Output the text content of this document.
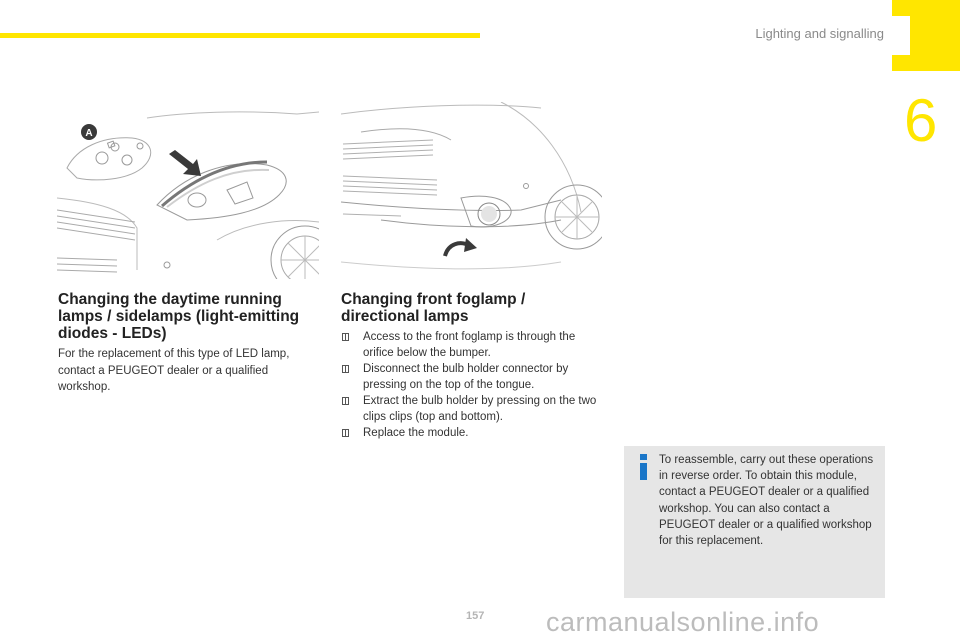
Lighting and signalling
6
A
Changing the daytime running lamps / sidelamps (light-emitting diodes - LEDs)
For the replacement of this type of LED lamp, contact a PEUGEOT dealer or a qualified workshop.
Changing front foglamp / directional lamps
Access to the front foglamp is through the orifice below the bumper.
Disconnect the bulb holder connector by pressing on the top of the tongue.
Extract the bulb holder by pressing on the two clips clips (top and bottom).
Replace the module.
To reassemble, carry out these operations in reverse order. To obtain this module, contact a PEUGEOT dealer or a qualified workshop. You can also contact a PEUGEOT dealer or a qualified workshop for this replacement.
157 carmanualsonline.info
